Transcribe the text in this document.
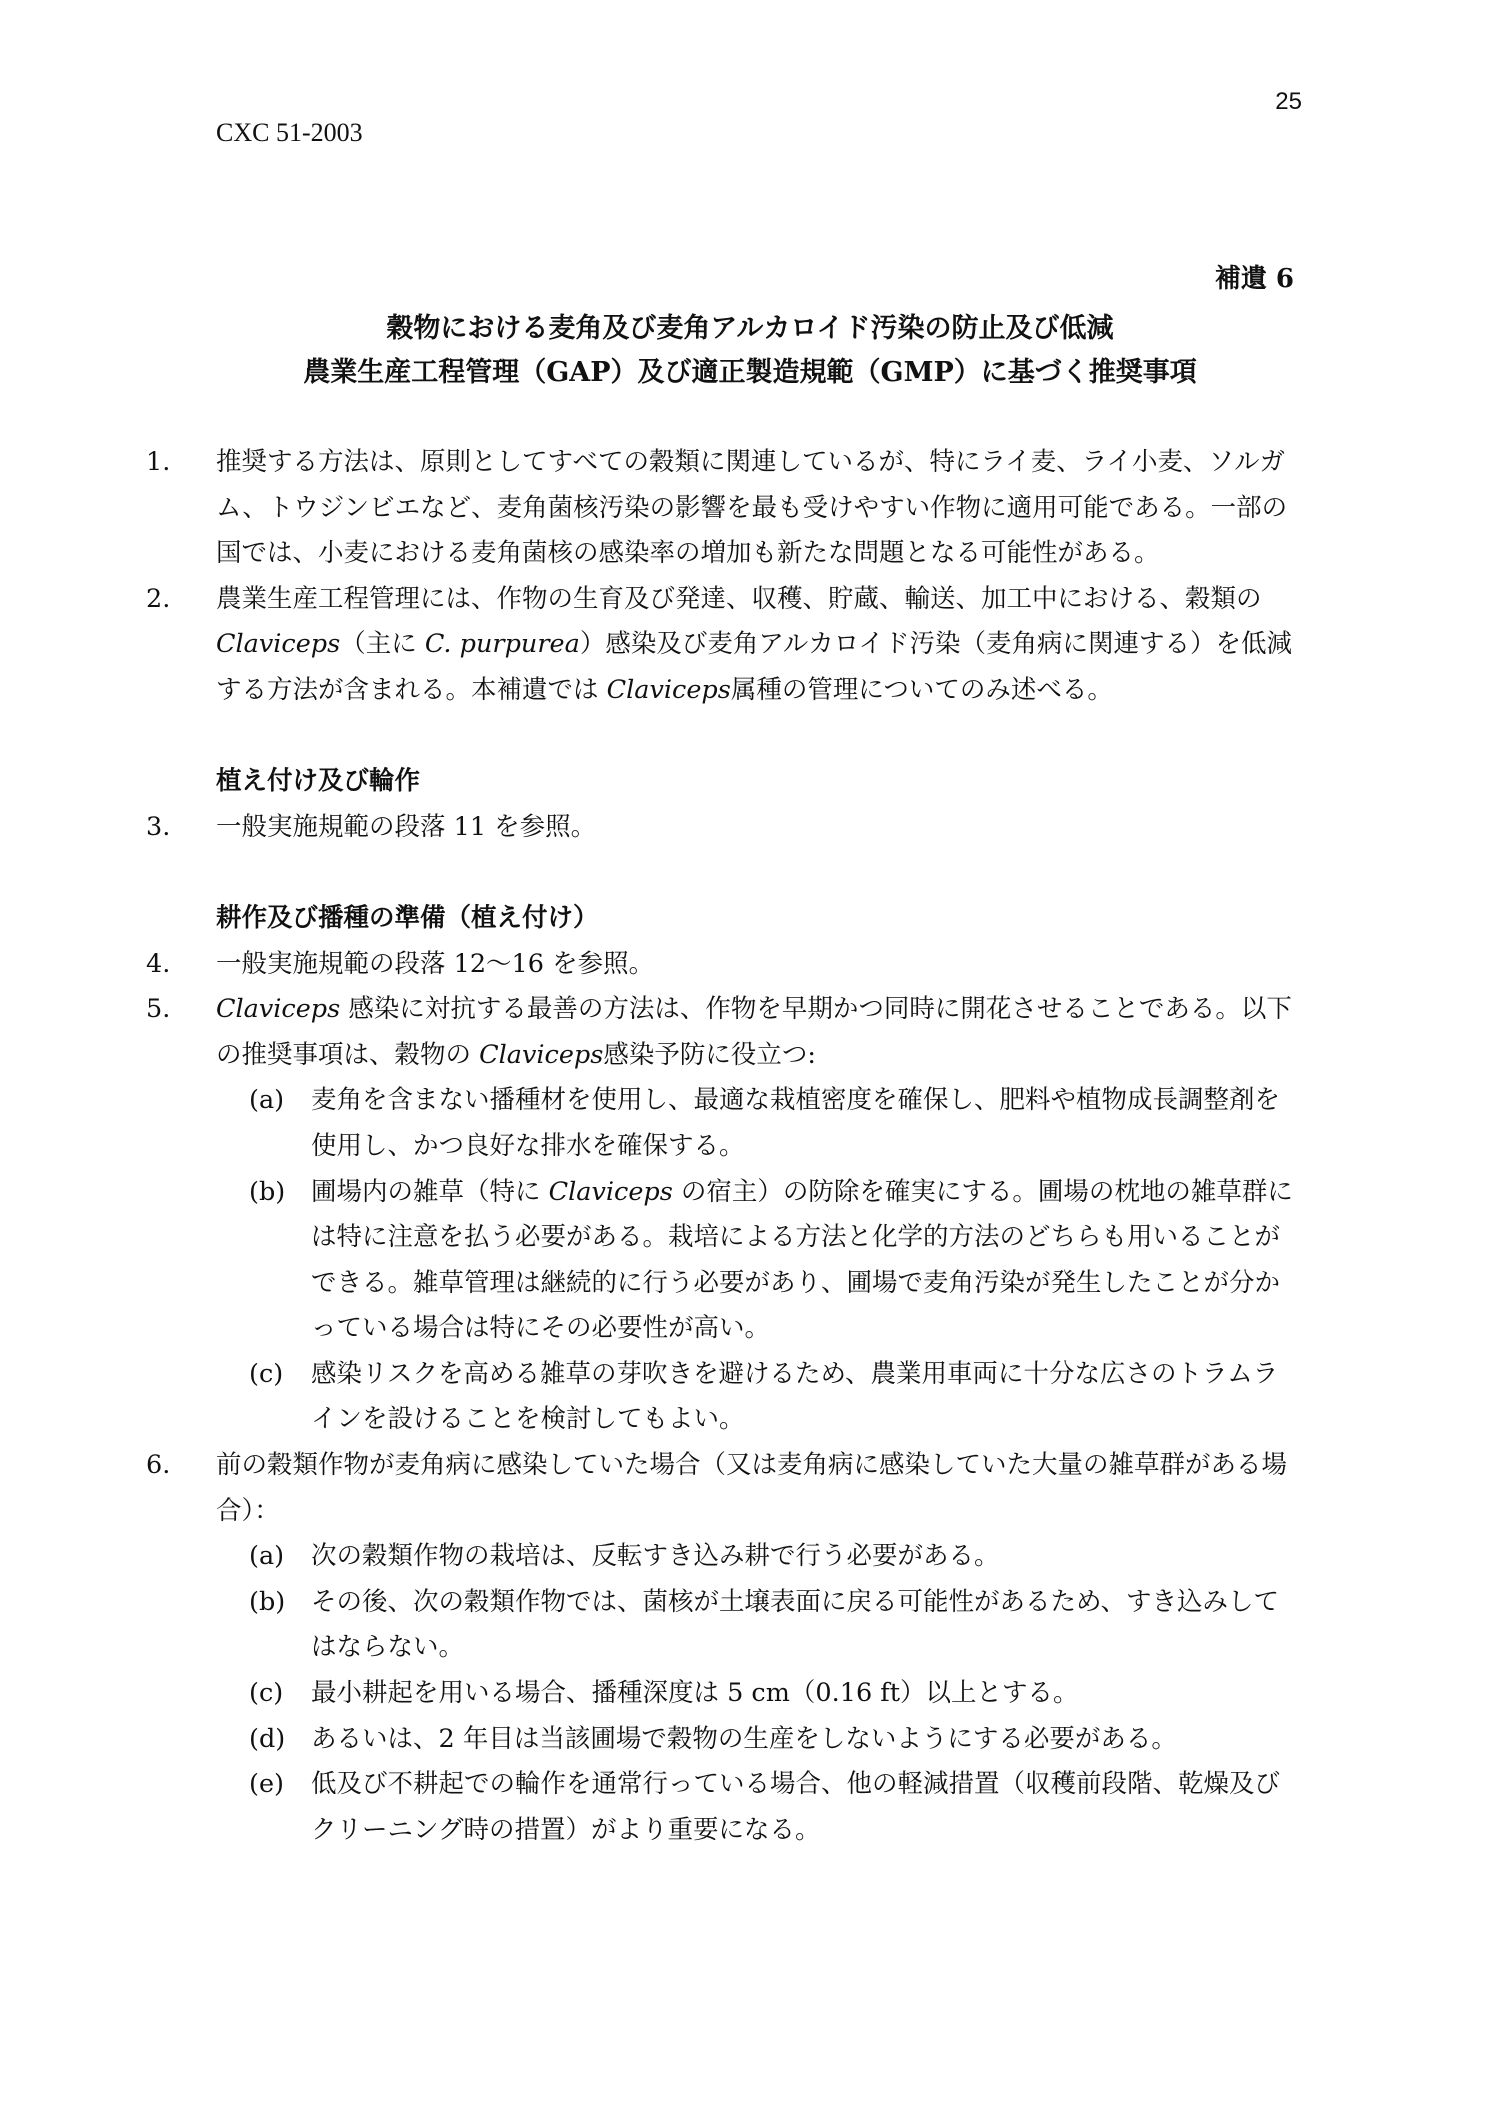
25
CXC 51-2003
補遺 6
穀物における麦角及び麦角アルカロイド汚染の防止及び低減
農業生産工程管理（GAP）及び適正製造規範（GMP）に基づく推奨事項
1. 推奨する方法は、原則としてすべての穀類に関連しているが、特にライ麦、ライ小麦、ソルガム、トウジンビエなど、麦角菌核汚染の影響を最も受けやすい作物に適用可能である。一部の国では、小麦における麦角菌核の感染率の増加も新たな問題となる可能性がある。
2. 農業生産工程管理には、作物の生育及び発達、収穫、貯蔵、輸送、加工中における、穀類の Claviceps（主に C. purpurea）感染及び麦角アルカロイド汚染（麦角病に関連する）を低減する方法が含まれる。本補遺では Claviceps属種の管理についてのみ述べる。
植え付け及び輪作
3. 一般実施規範の段落 11 を参照。
耕作及び播種の準備（植え付け）
4. 一般実施規範の段落 12～16 を参照。
5. Claviceps 感染に対抗する最善の方法は、作物を早期かつ同時に開花させることである。以下の推奨事項は、穀物の Claviceps感染予防に役立つ:
(a) 麦角を含まない播種材を使用し、最適な栽植密度を確保し、肥料や植物成長調整剤を使用し、かつ良好な排水を確保する。
(b) 圃場内の雑草（特に Claviceps の宿主）の防除を確実にする。圃場の枕地の雑草群には特に注意を払う必要がある。栽培による方法と化学的方法のどちらも用いることができる。雑草管理は継続的に行う必要があり、圃場で麦角汚染が発生したことが分かっている場合は特にその必要性が高い。
(c) 感染リスクを高める雑草の芽吹きを避けるため、農業用車両に十分な広さのトラムラインを設けることを検討してもよい。
6. 前の穀類作物が麦角病に感染していた場合（又は麦角病に感染していた大量の雑草群がある場合）：
(a) 次の穀類作物の栽培は、反転すき込み耕で行う必要がある。
(b) その後、次の穀類作物では、菌核が土壌表面に戻る可能性があるため、すき込みしてはならない。
(c) 最小耕起を用いる場合、播種深度は 5 cm（0.16 ft）以上とする。
(d) あるいは、2 年目は当該圃場で穀物の生産をしないようにする必要がある。
(e) 低及び不耕起での輪作を通常行っている場合、他の軽減措置（収穫前段階、乾燥及びクリーニング時の措置）がより重要になる。
